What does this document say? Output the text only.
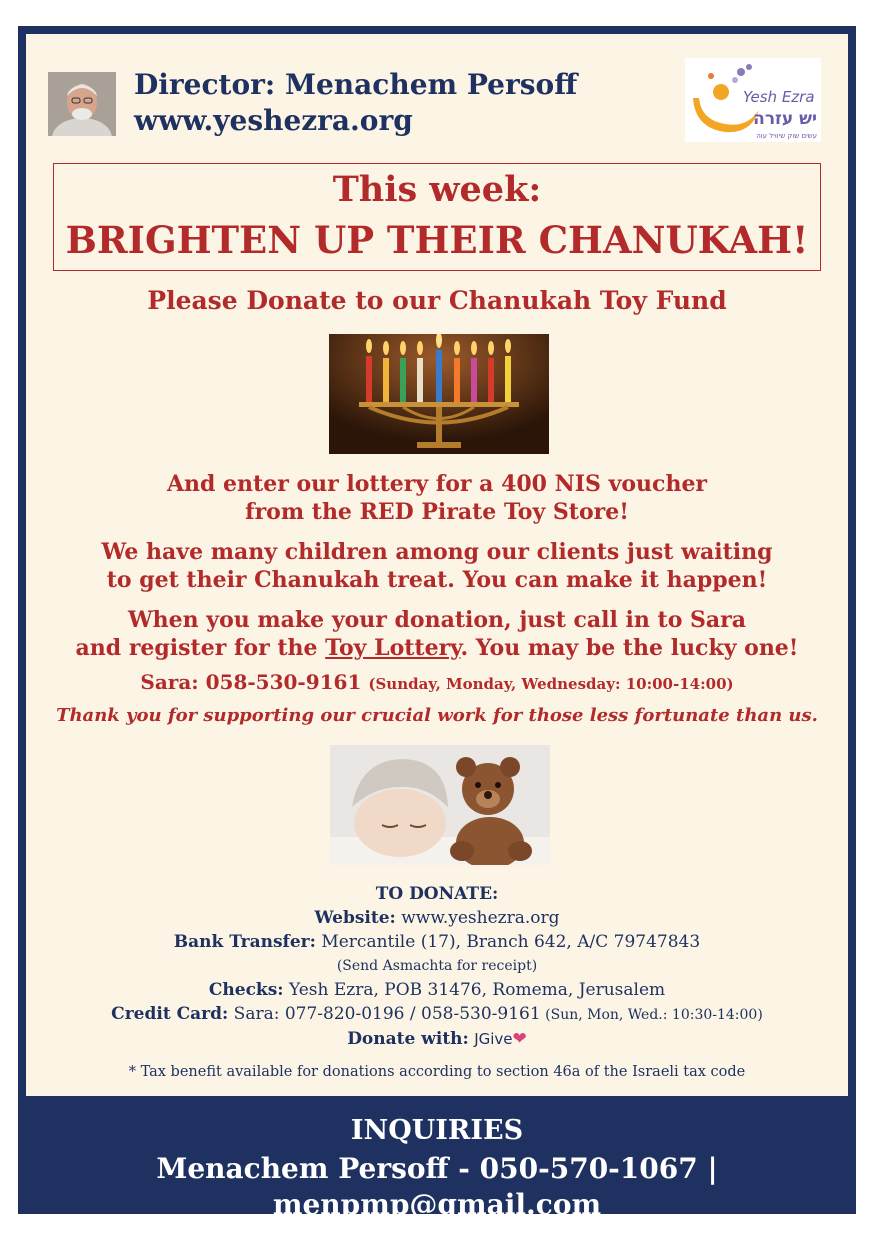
Director: Menachem Persoff
www.yeshezra.org
Yesh Ezra
יש עזרה
עשים שוק שיוויל עוה
This week:
BRIGHTEN UP THEIR CHANUKAH!
Please Donate to our Chanukah Toy Fund
And enter our lottery for a 400 NIS voucher
from the RED Pirate Toy Store!
We have many children among our clients just waiting
to get their Chanukah treat. You can make it happen!
When you make your donation, just call in to Sara
and register for the Toy Lottery. You may be the lucky one!
Sara: 058-530-9161 (Sunday, Monday, Wednesday: 10:00-14:00)
Thank you for supporting our crucial work for those less fortunate than us.
TO DONATE:
Website: www.yeshezra.org
Bank Transfer: Mercantile (17), Branch 642, A/C 79747843
(Send Asmachta for receipt)
Checks: Yesh Ezra, POB 31476, Romema, Jerusalem
Credit Card: Sara: 077-820-0196 / 058-530-9161 (Sun, Mon, Wed.: 10:30-14:00)
Donate with: JGive❤
* Tax benefit available for donations according to section 46a of the Israeli tax code
INQUIRIES
Menachem Persoff - 050-570-1067 | menpmp@gmail.com
